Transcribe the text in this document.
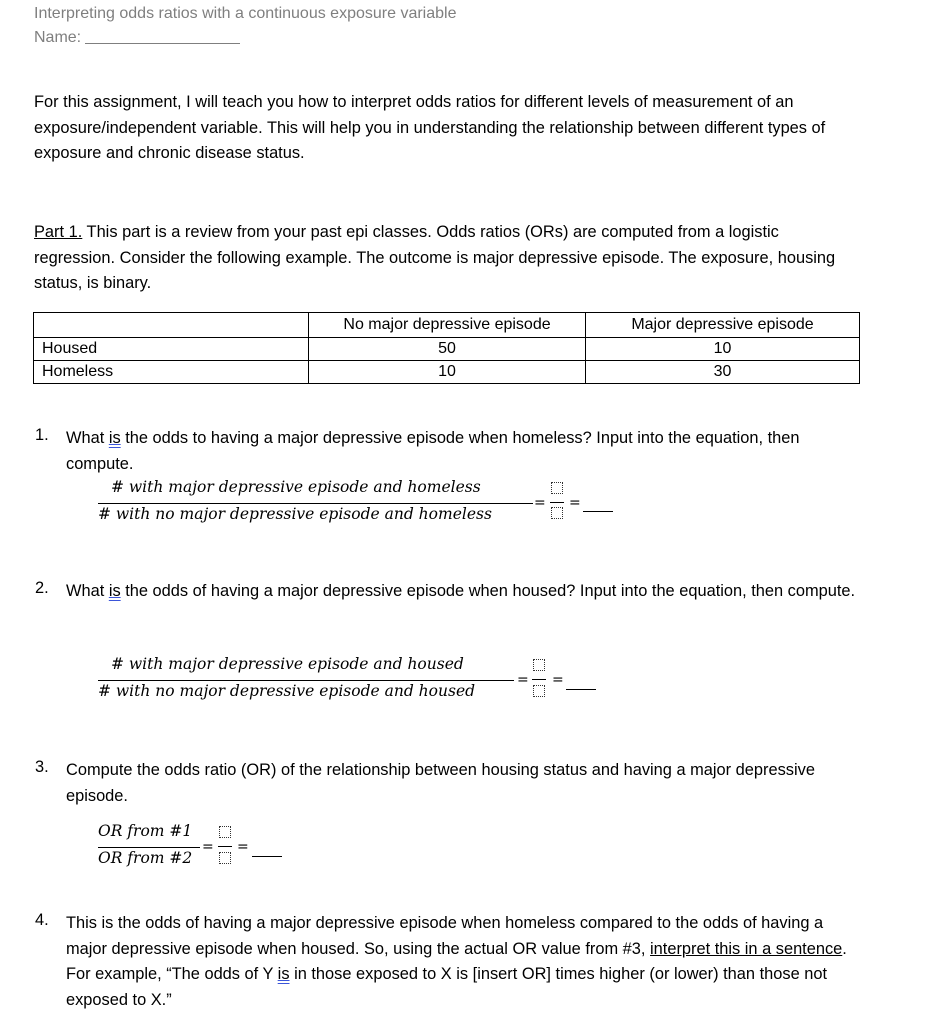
Interpreting odds ratios with a continuous exposure variable
Name:
For this assignment, I will teach you how to interpret odds ratios for different levels of measurement of an exposure/independent variable. This will help you in understanding the relationship between different types of exposure and chronic disease status.
Part 1. This part is a review from your past epi classes. Odds ratios (ORs) are computed from a logistic regression. Consider the following example. The outcome is major depressive episode. The exposure, housing status, is binary.
	No major depressive episode	Major depressive episode
Housed	50	10
Homeless	10	30
1. What is the odds to having a major depressive episode when homeless? Input into the equation, then compute.
# with major depressive episode and homeless
# with no major depressive episode and homeless
= =
2. What is the odds of having a major depressive episode when housed? Input into the equation, then compute.
# with major depressive episode and housed
# with no major depressive episode and housed
= =
3. Compute the odds ratio (OR) of the relationship between housing status and having a major depressive episode.
OR from #1
OR from #2
= =
4. This is the odds of having a major depressive episode when homeless compared to the odds of having a major depressive episode when housed. So, using the actual OR value from #3, interpret this in a sentence. For example, “The odds of Y is in those exposed to X is [insert OR] times higher (or lower) than those not exposed to X.”
